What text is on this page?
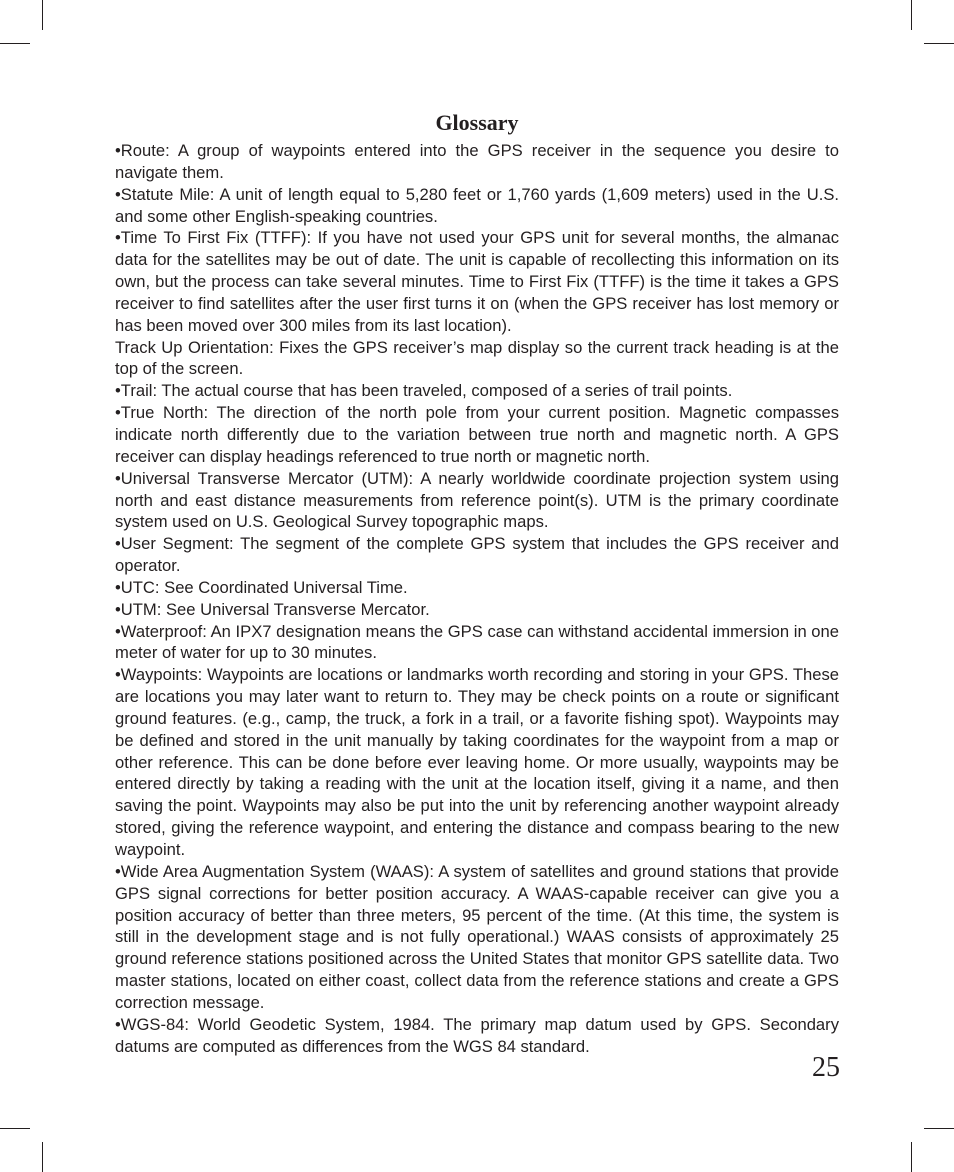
Glossary

•Route: A group of waypoints entered into the GPS receiver in the sequence you desire to navigate them.

•Statute Mile: A unit of length equal to 5,280 feet or 1,760 yards (1,609 meters) used in the U.S. and some other English-speaking countries.

•Time To First Fix (TTFF): If you have not used your GPS unit for several months, the almanac data for the satellites may be out of date. The unit is capable of recollecting this information on its own, but the process can take several minutes. Time to First Fix (TTFF) is the time it takes a GPS receiver to find satellites after the user first turns it on (when the GPS receiver has lost memory or has been moved over 300 miles from its last location).

Track Up Orientation: Fixes the GPS receiver’s map display so the current track heading is at the top of the screen.

•Trail: The actual course that has been traveled, composed of a series of trail points.

•True North: The direction of the north pole from your current position. Magnetic compasses indicate north differently due to the variation between true north and magnetic north. A GPS receiver can display headings referenced to true north or magnetic north.

•Universal Transverse Mercator (UTM): A nearly worldwide coordinate projection system using north and east distance measurements from reference point(s). UTM is the primary coordinate system used on U.S. Geological Survey topographic maps.

•User Segment: The segment of the complete GPS system that includes the GPS receiver and operator.

•UTC: See Coordinated Universal Time.

•UTM: See Universal Transverse Mercator.

•Waterproof: An IPX7 designation means the GPS case can withstand accidental immersion in one meter of water for up to 30 minutes.

•Waypoints: Waypoints are locations or landmarks worth recording and storing in your GPS. These are locations you may later want to return to. They may be check points on a route or significant ground features. (e.g., camp, the truck, a fork in a trail, or a favorite fishing spot). Waypoints may be defined and stored in the unit manually by taking coordinates for the waypoint from a map or other reference. This can be done before ever leaving home. Or more usually, waypoints may be entered directly by taking a reading with the unit at the location itself, giving it a name, and then saving the point. Waypoints may also be put into the unit by referencing another waypoint already stored, giving the reference waypoint, and entering the distance and compass bearing to the new waypoint.

•Wide Area Augmentation System (WAAS): A system of satellites and ground stations that provide GPS signal corrections for better position accuracy. A WAAS-capable receiver can give you a position accuracy of better than three meters, 95 percent of the time. (At this time, the system is still in the development stage and is not fully operational.) WAAS consists of approximately 25 ground reference stations positioned across the United States that monitor GPS satellite data. Two master stations, located on either coast, collect data from the reference stations and create a GPS correction message.

•WGS-84: World Geodetic System, 1984. The primary map datum used by GPS. Secondary datums are computed as differences from the WGS 84 standard.

25
